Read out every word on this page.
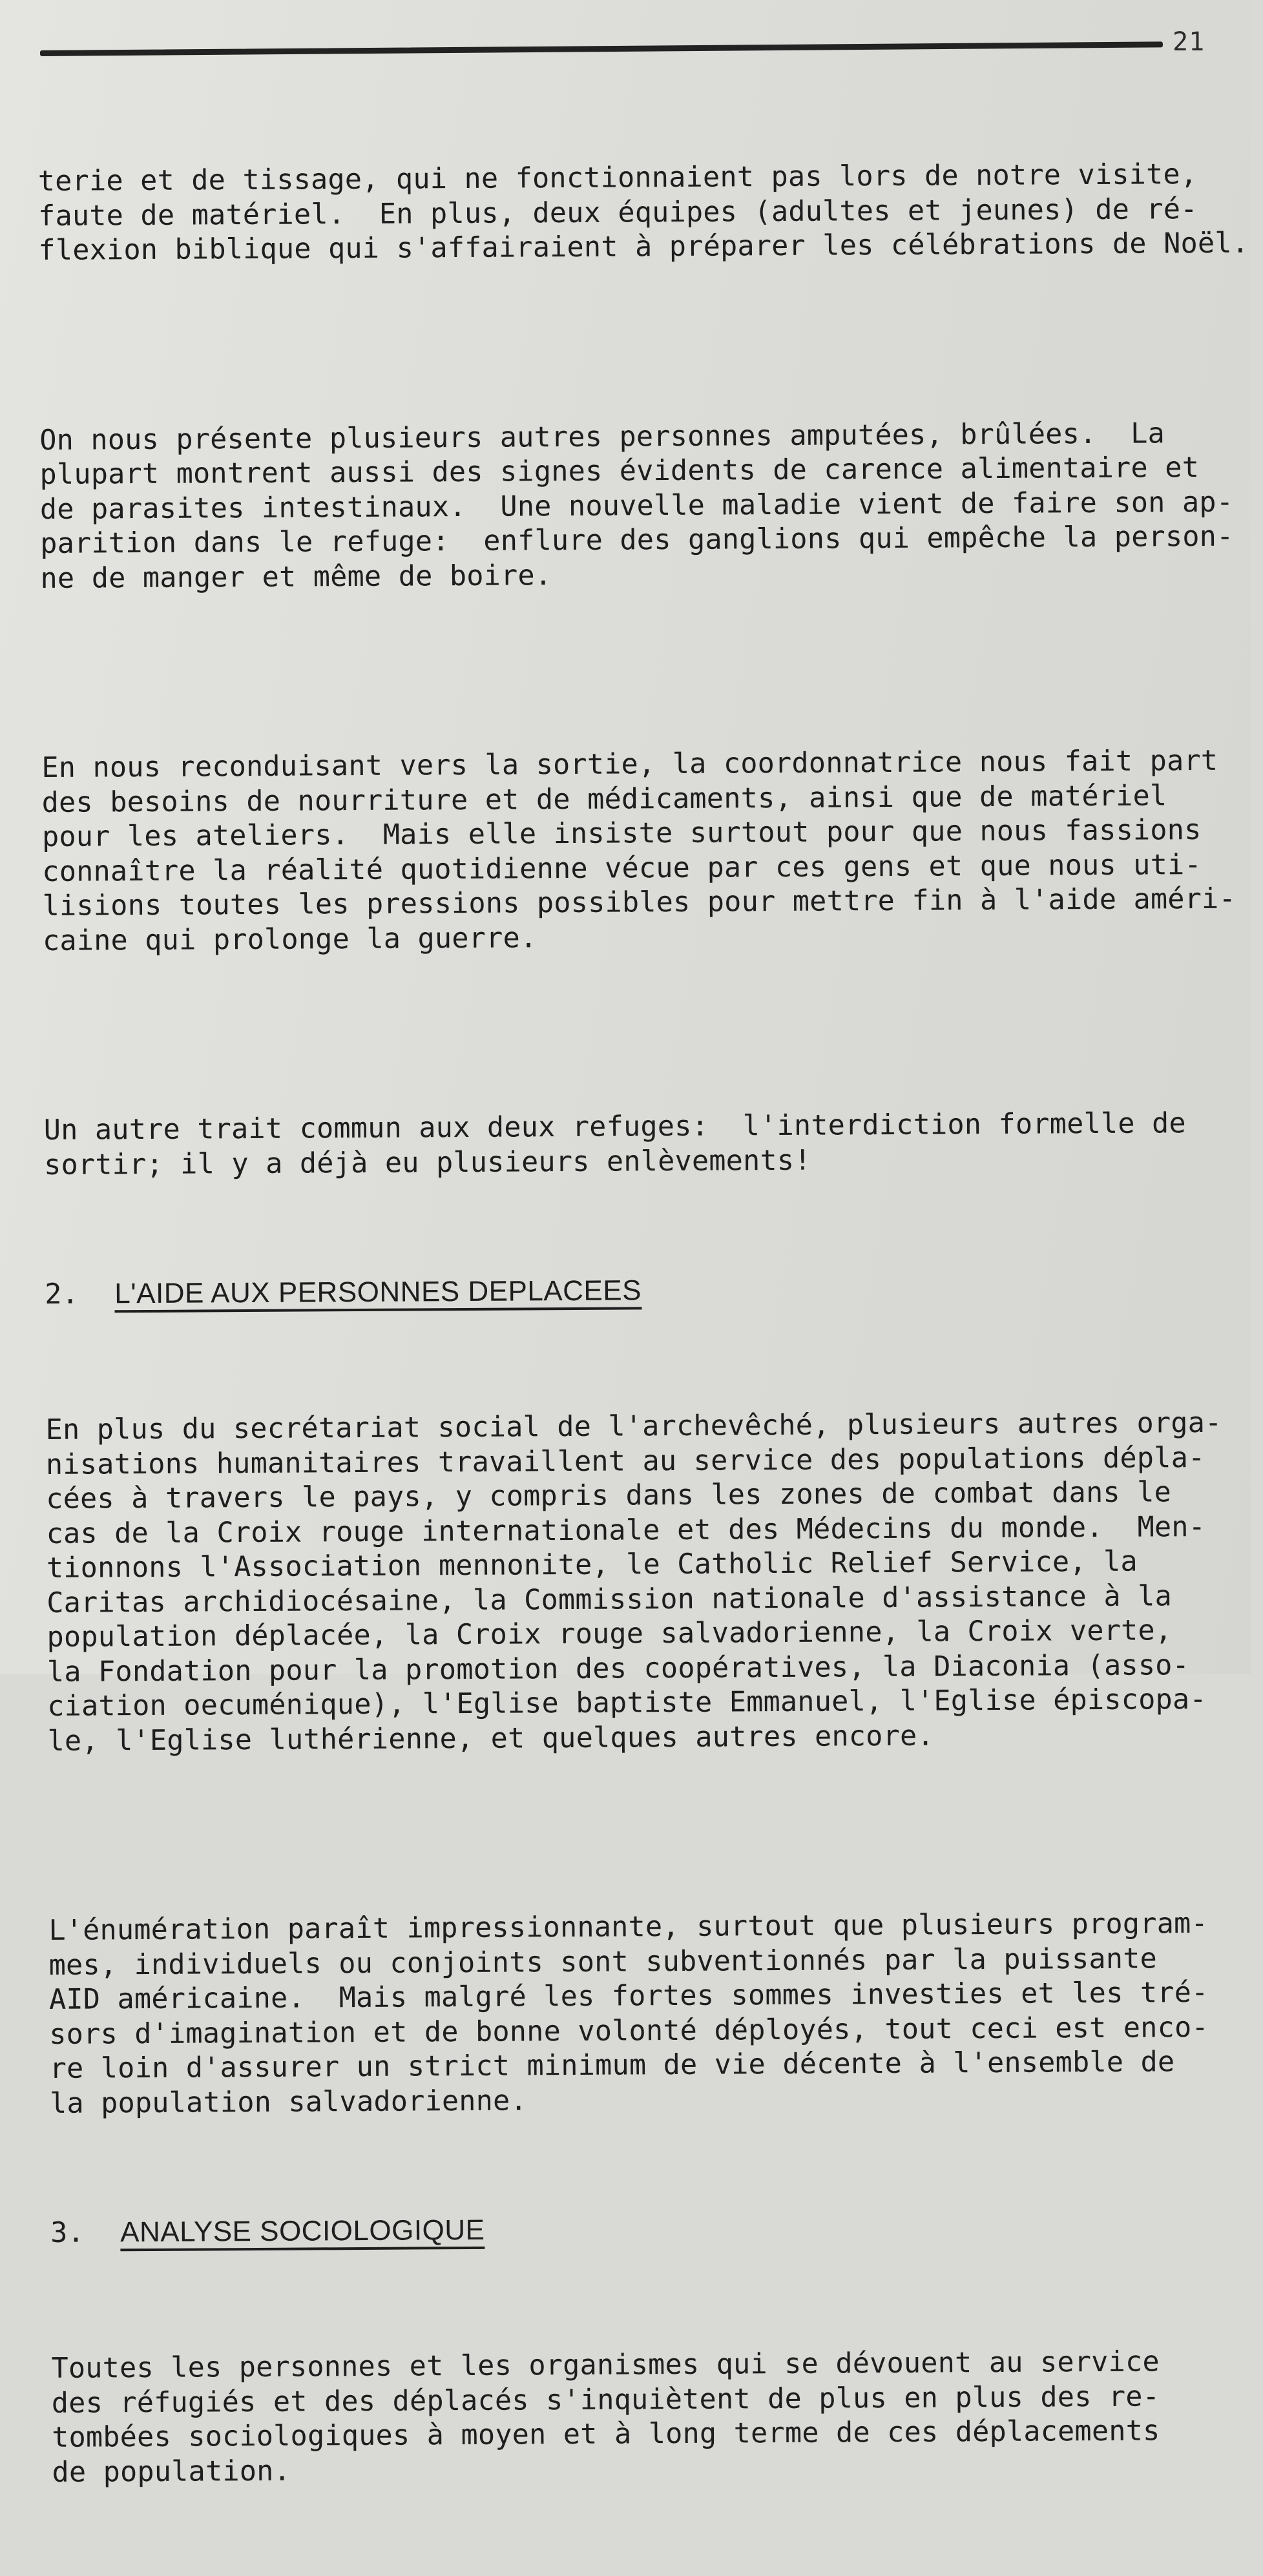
21

terie et de tissage, qui ne fonctionnaient pas lors de notre visite,
faute de matériel.  En plus, deux équipes (adultes et jeunes) de ré-
flexion biblique qui s'affairaient à préparer les célébrations de Noël.

On nous présente plusieurs autres personnes amputées, brûlées.  La
plupart montrent aussi des signes évidents de carence alimentaire et
de parasites intestinaux.  Une nouvelle maladie vient de faire son ap-
parition dans le refuge:  enflure des ganglions qui empêche la person-
ne de manger et même de boire.

En nous reconduisant vers la sortie, la coordonnatrice nous fait part
des besoins de nourriture et de médicaments, ainsi que de matériel
pour les ateliers.  Mais elle insiste surtout pour que nous fassions
connaître la réalité quotidienne vécue par ces gens et que nous uti-
lisions toutes les pressions possibles pour mettre fin à l'aide améri-
caine qui prolonge la guerre.

Un autre trait commun aux deux refuges:  l'interdiction formelle de
sortir; il y a déjà eu plusieurs enlèvements!

2. L'AIDE AUX PERSONNES DEPLACEES

En plus du secrétariat social de l'archevêché, plusieurs autres orga-
nisations humanitaires travaillent au service des populations dépla-
cées à travers le pays, y compris dans les zones de combat dans le
cas de la Croix rouge internationale et des Médecins du monde.  Men-
tionnons l'Association mennonite, le Catholic Relief Service, la
Caritas archidiocésaine, la Commission nationale d'assistance à la
population déplacée, la Croix rouge salvadorienne, la Croix verte,
la Fondation pour la promotion des coopératives, la Diaconia (asso-
ciation oecuménique), l'Eglise baptiste Emmanuel, l'Eglise épiscopa-
le, l'Eglise luthérienne, et quelques autres encore.

L'énumération paraît impressionnante, surtout que plusieurs program-
mes, individuels ou conjoints sont subventionnés par la puissante
AID américaine.  Mais malgré les fortes sommes investies et les tré-
sors d'imagination et de bonne volonté déployés, tout ceci est enco-
re loin d'assurer un strict minimum de vie décente à l'ensemble de
la population salvadorienne.

3. ANALYSE SOCIOLOGIQUE

Toutes les personnes et les organismes qui se dévouent au service
des réfugiés et des déplacés s'inquiètent de plus en plus des re-
tombées sociologiques à moyen et à long terme de ces déplacements
de population.
